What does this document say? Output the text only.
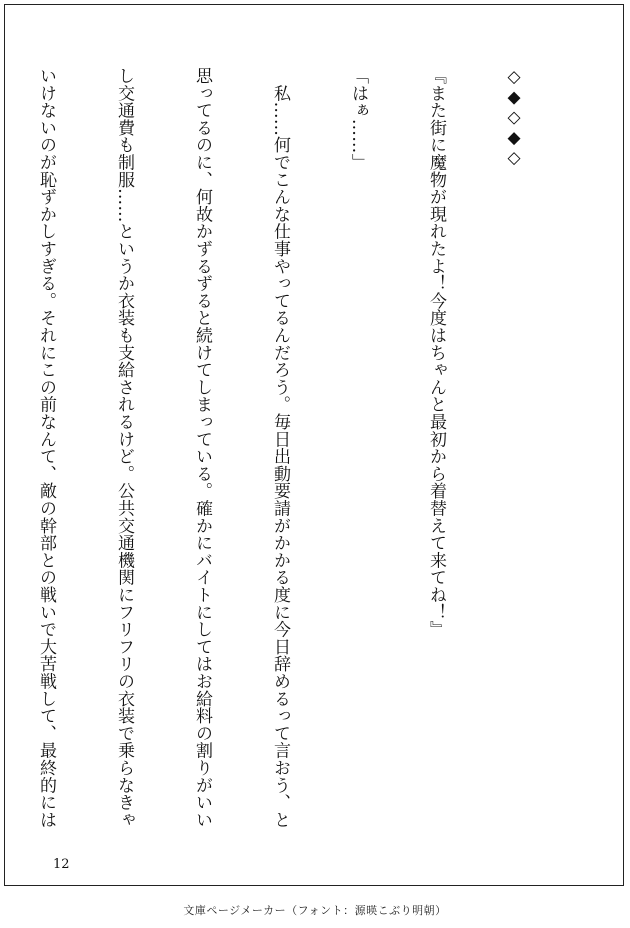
◇◆◇◆◇

『また街に魔物が現れたよ！今度はちゃんと最初から着替えて来てね！』

「はぁ……」

　私……何でこんな仕事やってるんだろう。毎日出動要請がかかる度に今日辞めるって言おう、と

思ってるのに、何故かずるずると続けてしまっている。確かにバイトにしてはお給料の割りがいい

し交通費も制服……というか衣装も支給されるけど。公共交通機関にフリフリの衣装で乗らなきゃ

いけないのが恥ずかしすぎる。それにこの前なんて、敵の幹部との戦いで大苦戦して、最終的には

12
文庫ページメーカー（フォント：源暎こぶり明朝）
